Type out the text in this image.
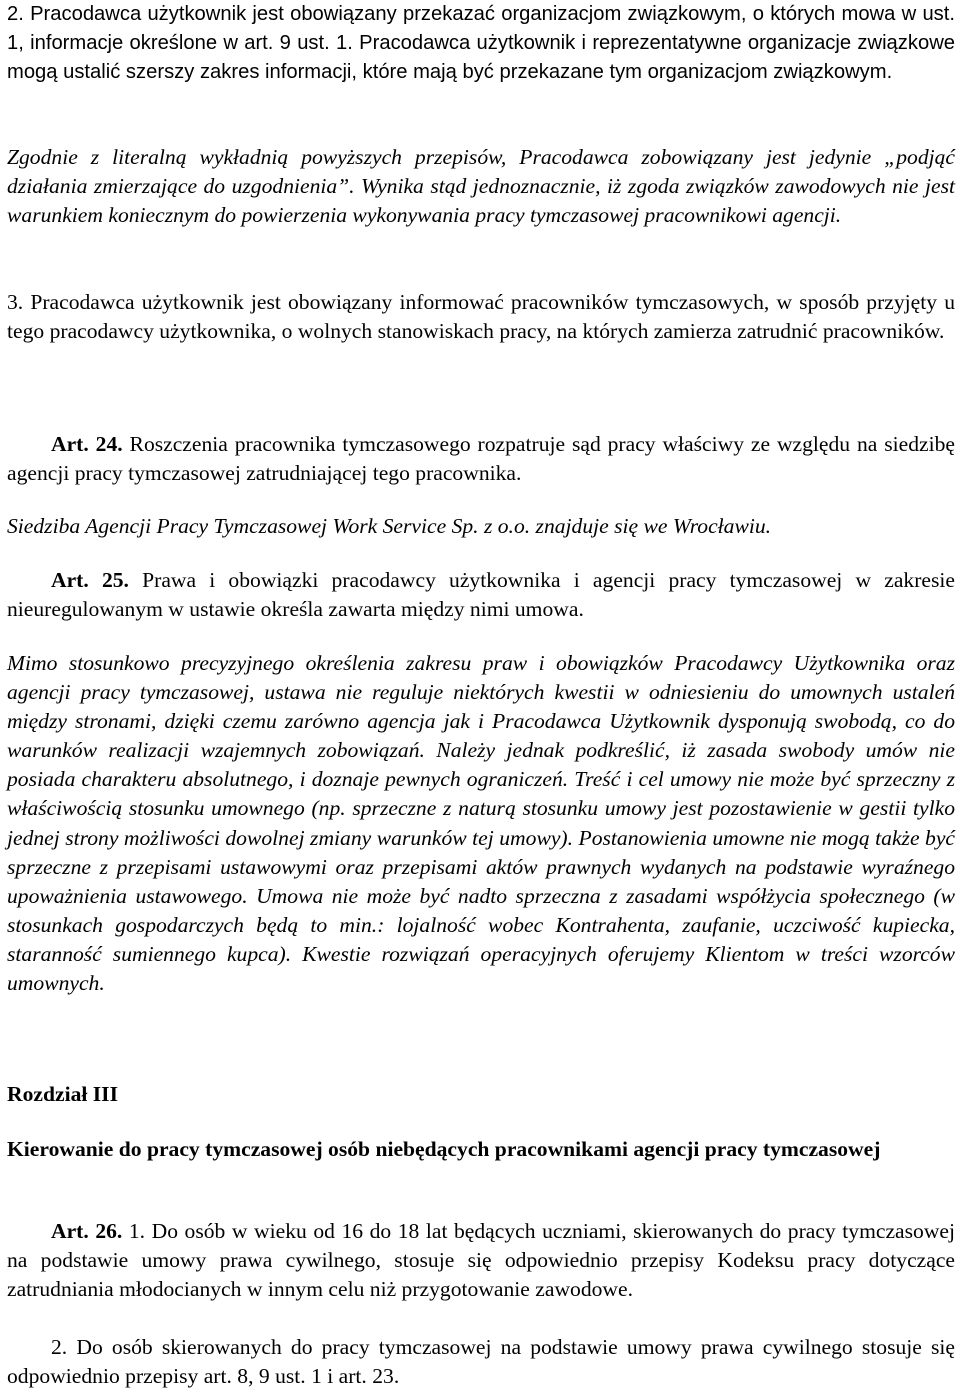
2. Pracodawca użytkownik jest obowiązany przekazać organizacjom związkowym, o których mowa w ust. 1, informacje określone w art. 9 ust. 1. Pracodawca użytkownik i reprezentatywne organizacje związkowe mogą ustalić szerszy zakres informacji, które mają być przekazane tym organizacjom związkowym.

Zgodnie z literalną wykładnią powyższych przepisów, Pracodawca zobowiązany jest jedynie „podjąć działania zmierzające do uzgodnienia”. Wynika stąd jednoznacznie, iż zgoda związków zawodowych nie jest warunkiem koniecznym do powierzenia wykonywania pracy tymczasowej pracownikowi agencji.

3. Pracodawca użytkownik jest obowiązany informować pracowników tymczasowych, w sposób przyjęty u tego pracodawcy użytkownika, o wolnych stanowiskach pracy, na których zamierza zatrudnić pracowników.

Art. 24. Roszczenia pracownika tymczasowego rozpatruje sąd pracy właściwy ze względu na siedzibę agencji pracy tymczasowej zatrudniającej tego pracownika.

Siedziba Agencji Pracy Tymczasowej Work Service Sp. z o.o. znajduje się we Wrocławiu.

Art. 25. Prawa i obowiązki pracodawcy użytkownika i agencji pracy tymczasowej w zakresie nieuregulowanym w ustawie określa zawarta między nimi umowa.

Mimo stosunkowo precyzyjnego określenia zakresu praw i obowiązków Pracodawcy Użytkownika oraz agencji pracy tymczasowej, ustawa nie reguluje niektórych kwestii w odniesieniu do umownych ustaleń między stronami, dzięki czemu zarówno agencja jak i Pracodawca Użytkownik dysponują swobodą, co do warunków realizacji wzajemnych zobowiązań. Należy jednak podkreślić, iż zasada swobody umów nie posiada charakteru absolutnego, i doznaje pewnych ograniczeń. Treść i cel umowy nie może być sprzeczny z właściwością stosunku umownego (np. sprzeczne z naturą stosunku umowy jest pozostawienie w gestii tylko jednej strony możliwości dowolnej zmiany warunków tej umowy). Postanowienia umowne nie mogą także być sprzeczne z przepisami ustawowymi oraz przepisami aktów prawnych wydanych na podstawie wyraźnego upoważnienia ustawowego. Umowa nie może być nadto sprzeczna z zasadami współżycia społecznego (w stosunkach gospodarczych będą to min.: lojalność wobec Kontrahenta, zaufanie, uczciwość kupiecka, staranność sumiennego kupca). Kwestie rozwiązań operacyjnych oferujemy Klientom w treści wzorców umownych.

Rozdział III

Kierowanie do pracy tymczasowej osób niebędących pracownikami agencji pracy tymczasowej

Art. 26. 1. Do osób w wieku od 16 do 18 lat będących uczniami, skierowanych do pracy tymczasowej na podstawie umowy prawa cywilnego, stosuje się odpowiednio przepisy Kodeksu pracy dotyczące zatrudniania młodocianych w innym celu niż przygotowanie zawodowe.

2. Do osób skierowanych do pracy tymczasowej na podstawie umowy prawa cywilnego stosuje się odpowiednio przepisy art. 8, 9 ust. 1 i art. 23.
